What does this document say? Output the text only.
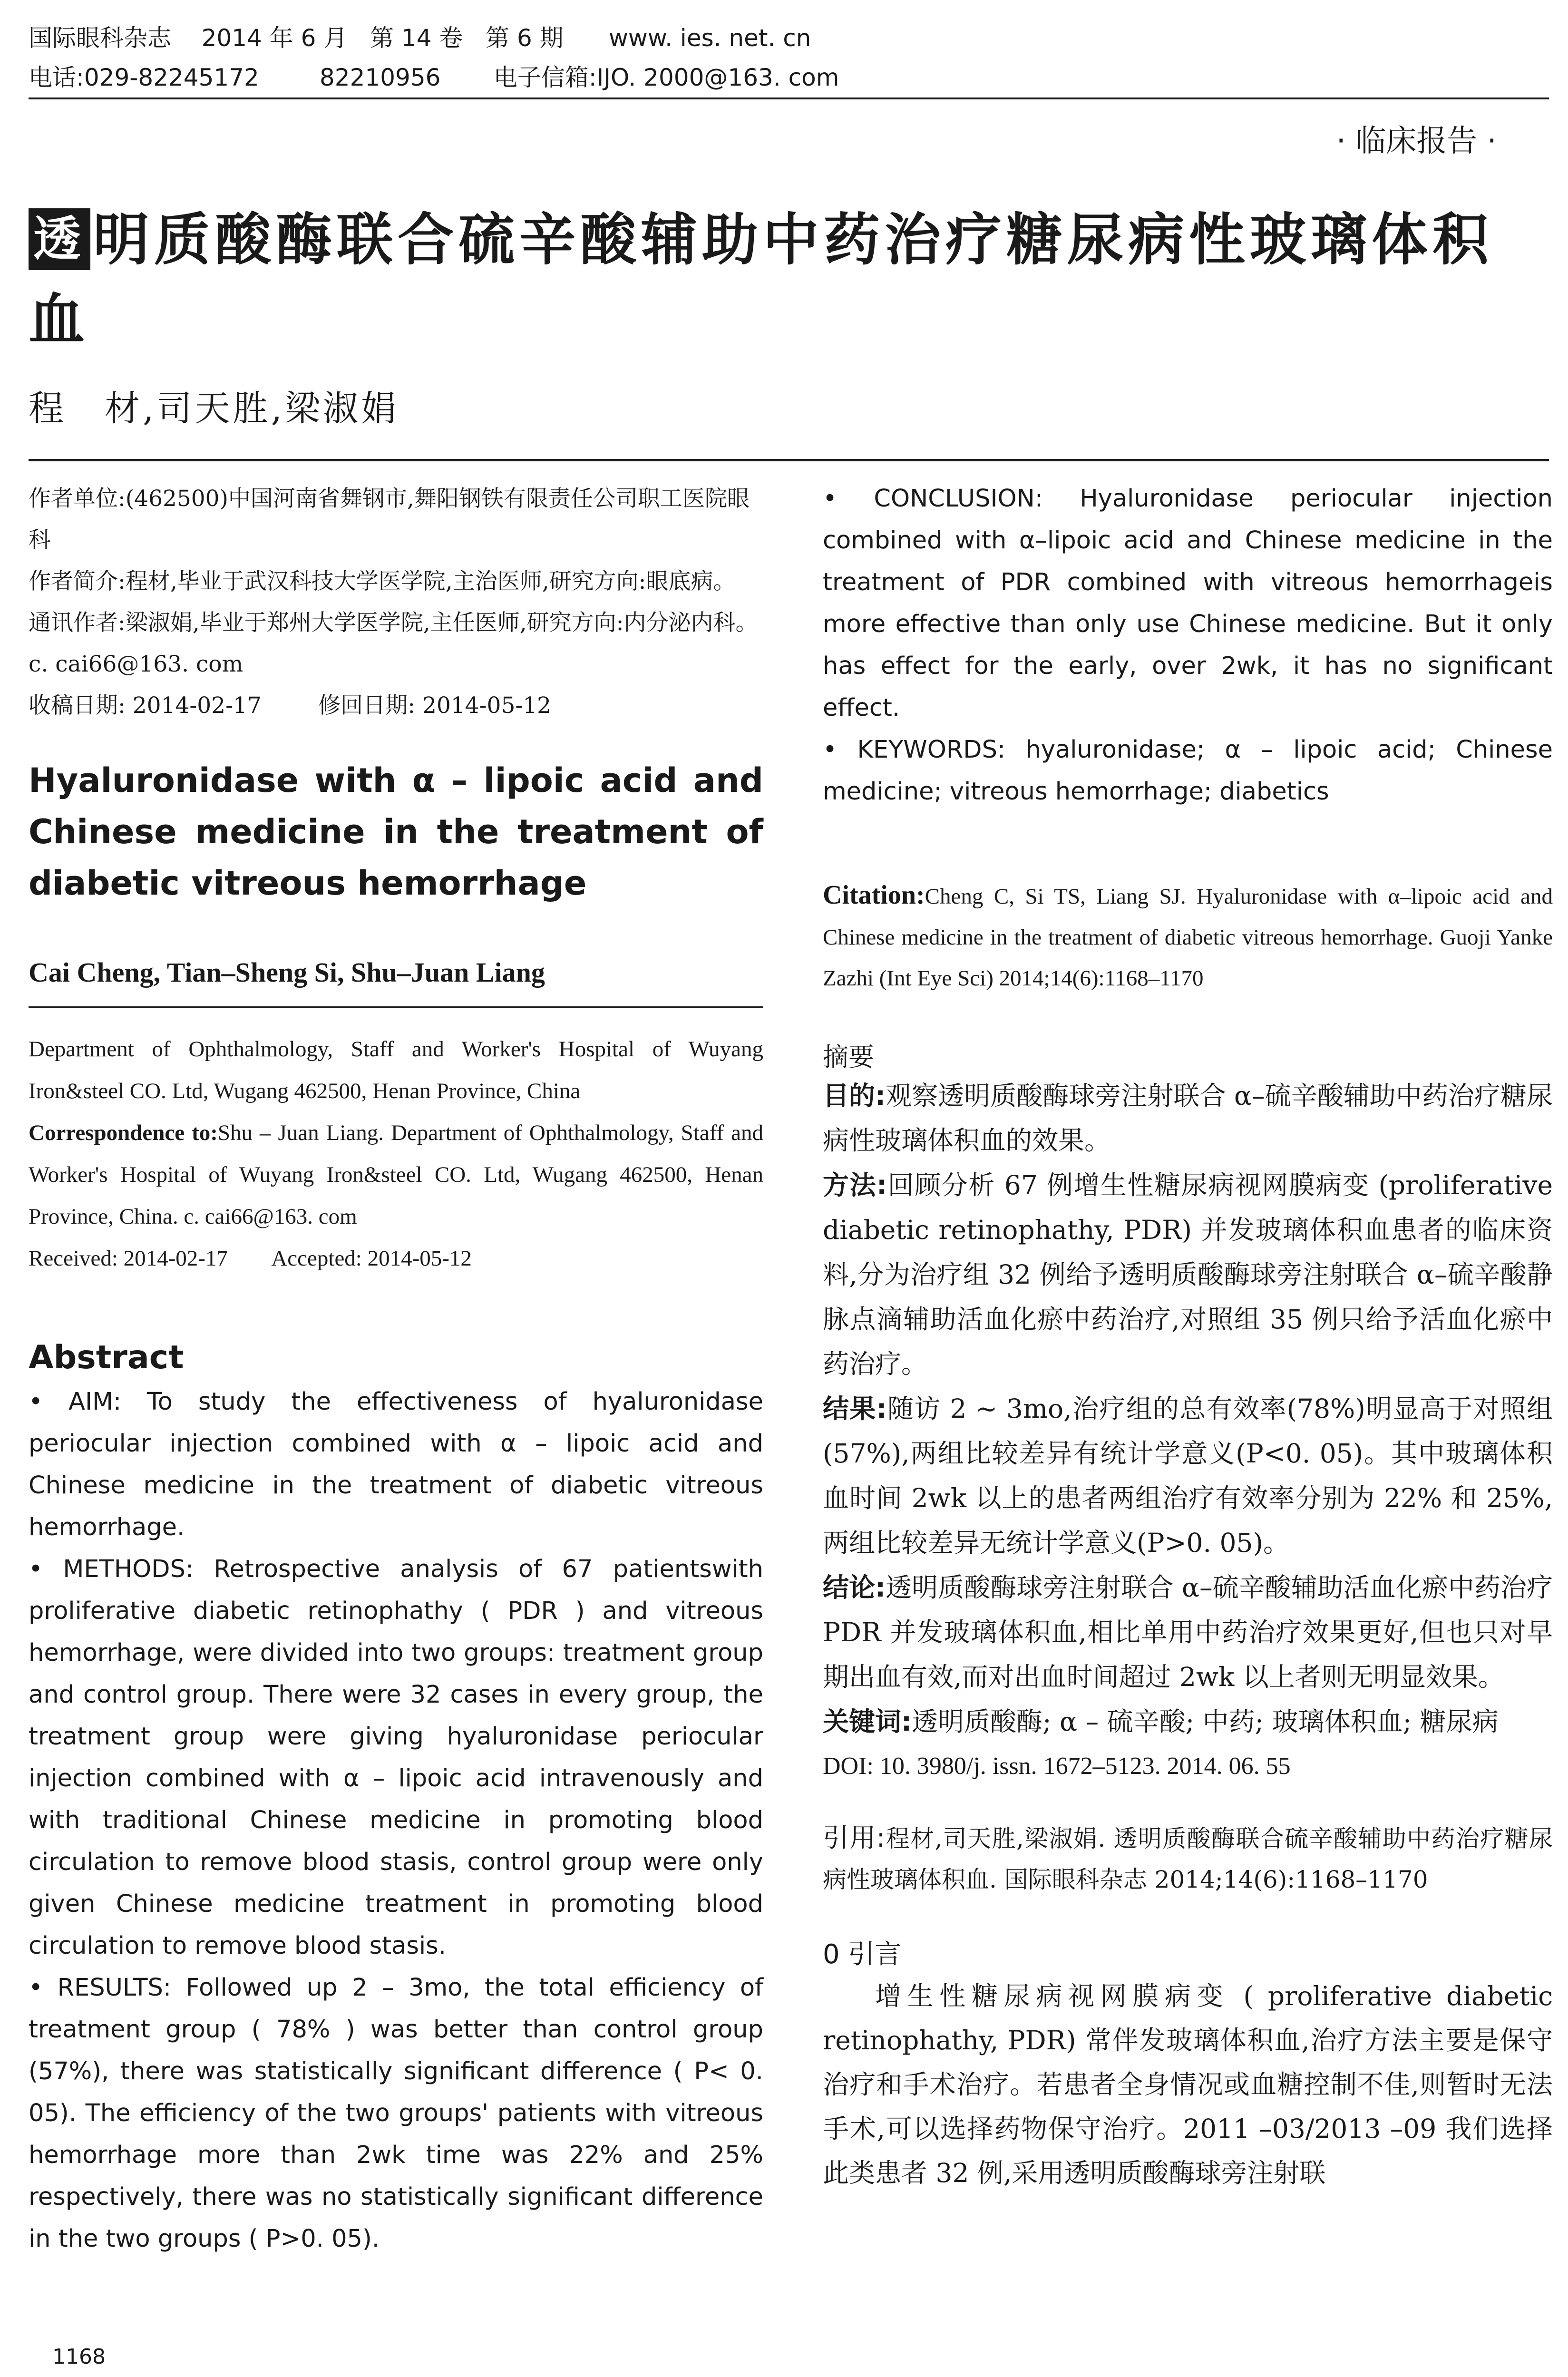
国际眼科杂志    2014 年 6 月   第 14 卷   第 6 期      www. ies. net. cn
电话:029-82245172        82210956       电子信箱:IJO. 2000@163. com
· 临床报告 ·
透 明质酸酶联合硫辛酸辅助中药治疗糖尿病性玻璃体积血
程　材,司天胜,梁淑娟
作者单位:(462500)中国河南省舞钢市,舞阳钢铁有限责任公司职工医院眼科
作者简介:程材,毕业于武汉科技大学医学院,主治医师,研究方向:眼底病。
通讯作者:梁淑娟,毕业于郑州大学医学院,主任医师,研究方向:内分泌内科。c. cai66@163. com
收稿日期: 2014-02-17        修回日期: 2014-05-12
Hyaluronidase with α – lipoic acid and Chinese medicine in the treatment of diabetic vitreous hemorrhage
Cai Cheng, Tian–Sheng Si, Shu–Juan Liang
Department of Ophthalmology, Staff and Worker's Hospital of Wuyang Iron&steel CO. Ltd, Wugang 462500, Henan Province, China
Correspondence to:Shu – Juan Liang. Department of Ophthalmology, Staff and Worker's Hospital of Wuyang Iron&steel CO. Ltd, Wugang 462500, Henan Province, China. c. cai66@163. com
Received: 2014-02-17        Accepted: 2014-05-12
Abstract

• AIM: To study the effectiveness of hyaluronidase periocular injection combined with α – lipoic acid and Chinese medicine in the treatment of diabetic vitreous hemorrhage.

• METHODS: Retrospective analysis of 67 patientswith proliferative diabetic retinophathy ( PDR ) and vitreous hemorrhage, were divided into two groups: treatment group and control group. There were 32 cases in every group, the treatment group were giving hyaluronidase periocular injection combined with α – lipoic acid intravenously and with traditional Chinese medicine in promoting blood circulation to remove blood stasis, control group were only given Chinese medicine treatment in promoting blood circulation to remove blood stasis.

• RESULTS: Followed up 2 – 3mo, the total efficiency of treatment group ( 78% ) was better than control group (57%), there was statistically significant difference ( P< 0. 05). The efficiency of the two groups' patients with vitreous hemorrhage more than 2wk time was 22% and 25% respectively, there was no statistically significant difference in the two groups ( P>0. 05).

• CONCLUSION: Hyaluronidase periocular injection combined with α–lipoic acid and Chinese medicine in the treatment of PDR combined with vitreous hemorrhageis more effective than only use Chinese medicine. But it only has effect for the early, over 2wk, it has no significant effect.

• KEYWORDS: hyaluronidase; α – lipoic acid; Chinese medicine; vitreous hemorrhage; diabetics

Citation:Cheng C, Si TS, Liang SJ. Hyaluronidase with α–lipoic acid and Chinese medicine in the treatment of diabetic vitreous hemorrhage. Guoji Yanke Zazhi (Int Eye Sci) 2014;14(6):1168–1170
摘要

目的:观察透明质酸酶球旁注射联合 α–硫辛酸辅助中药治疗糖尿病性玻璃体积血的效果。

方法:回顾分析 67 例增生性糖尿病视网膜病变 (proliferative diabetic retinophathy, PDR) 并发玻璃体积血患者的临床资料,分为治疗组 32 例给予透明质酸酶球旁注射联合 α–硫辛酸静脉点滴辅助活血化瘀中药治疗,对照组 35 例只给予活血化瘀中药治疗。

结果:随访 2 ~ 3mo,治疗组的总有效率(78%)明显高于对照组(57%),两组比较差异有统计学意义(P<0. 05)。其中玻璃体积血时间 2wk 以上的患者两组治疗有效率分别为 22% 和 25%,两组比较差异无统计学意义(P>0. 05)。

结论:透明质酸酶球旁注射联合 α–硫辛酸辅助活血化瘀中药治疗 PDR 并发玻璃体积血,相比单用中药治疗效果更好,但也只对早期出血有效,而对出血时间超过 2wk 以上者则无明显效果。

关键词:透明质酸酶; α – 硫辛酸; 中药; 玻璃体积血; 糖尿病

DOI: 10. 3980/j. issn. 1672–5123. 2014. 06. 55
引用:程材,司天胜,梁淑娟. 透明质酸酶联合硫辛酸辅助中药治疗糖尿病性玻璃体积血. 国际眼科杂志 2014;14(6):1168–1170
0 引言
增生性糖尿病视网膜病变 ( proliferative diabetic retinophathy, PDR) 常伴发玻璃体积血,治疗方法主要是保守治疗和手术治疗。若患者全身情况或血糖控制不佳,则暂时无法手术,可以选择药物保守治疗。2011 –03/2013 –09 我们选择此类患者 32 例,采用透明质酸酶球旁注射联
1168
